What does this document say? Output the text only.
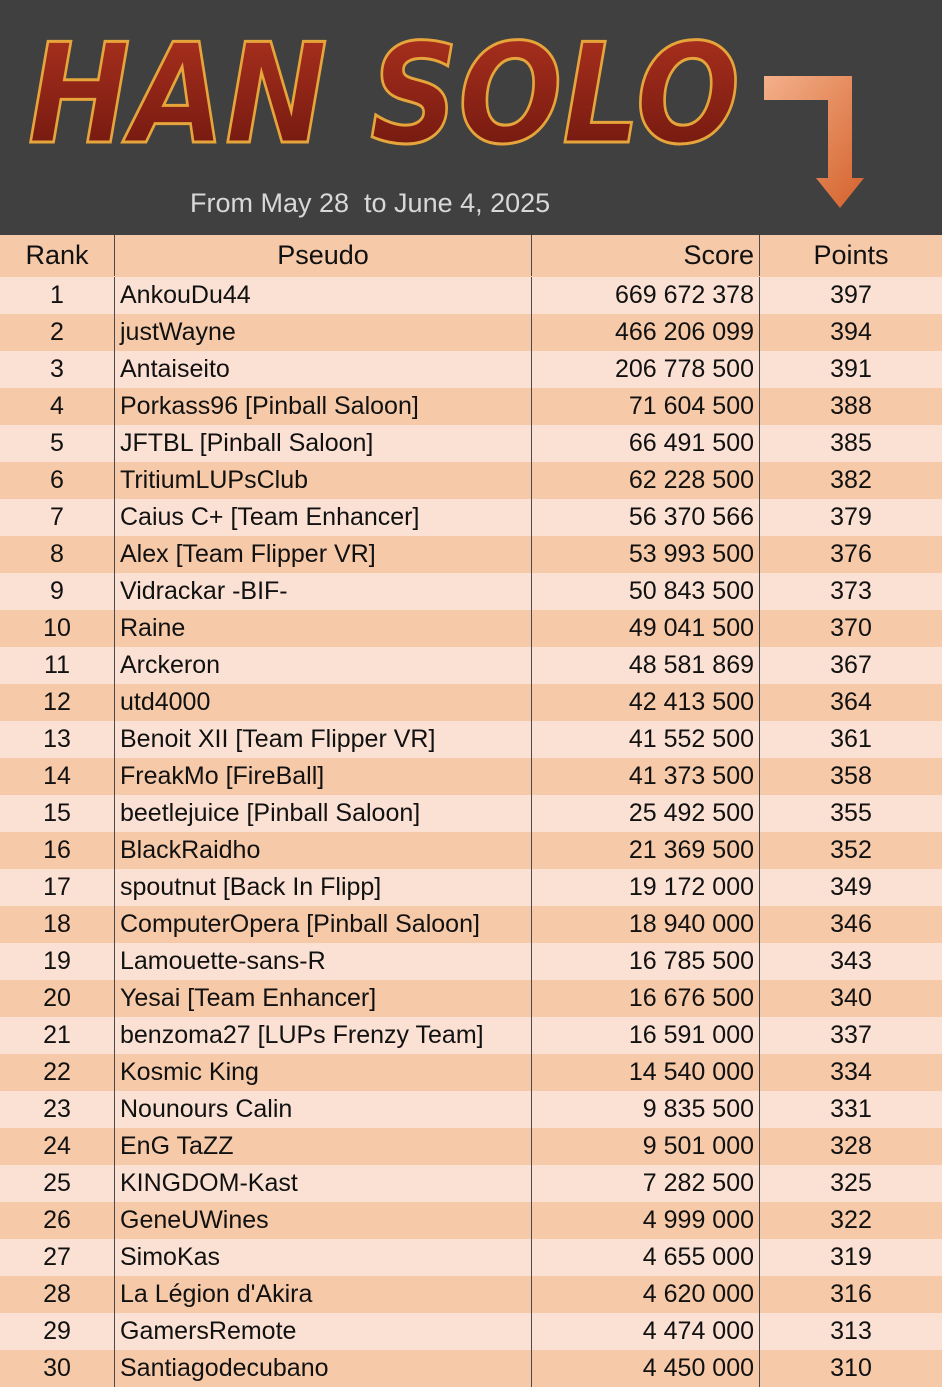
HAN SOLO
From May 28  to June 4, 2025
Rank	Pseudo	Score	Points
1	AnkouDu44	669 672 378	397
2	justWayne	466 206 099	394
3	Antaiseito	206 778 500	391
4	Porkass96 [Pinball Saloon]	71 604 500	388
5	JFTBL [Pinball Saloon]	66 491 500	385
6	TritiumLUPsClub	62 228 500	382
7	Caius C+ [Team Enhancer]	56 370 566	379
8	Alex [Team Flipper VR]	53 993 500	376
9	Vidrackar -BIF-	50 843 500	373
10	Raine	49 041 500	370
11	Arckeron	48 581 869	367
12	utd4000	42 413 500	364
13	Benoit XII [Team Flipper VR]	41 552 500	361
14	FreakMo [FireBall]	41 373 500	358
15	beetlejuice [Pinball Saloon]	25 492 500	355
16	BlackRaidho	21 369 500	352
17	spoutnut [Back In Flipp]	19 172 000	349
18	ComputerOpera [Pinball Saloon]	18 940 000	346
19	Lamouette-sans-R	16 785 500	343
20	Yesai [Team Enhancer]	16 676 500	340
21	benzoma27 [LUPs Frenzy Team]	16 591 000	337
22	Kosmic King	14 540 000	334
23	Nounours Calin	9 835 500	331
24	EnG TaZZ	9 501 000	328
25	KINGDOM-Kast	7 282 500	325
26	GeneUWines	4 999 000	322
27	SimoKas	4 655 000	319
28	La Légion d'Akira	4 620 000	316
29	GamersRemote	4 474 000	313
30	Santiagodecubano	4 450 000	310
